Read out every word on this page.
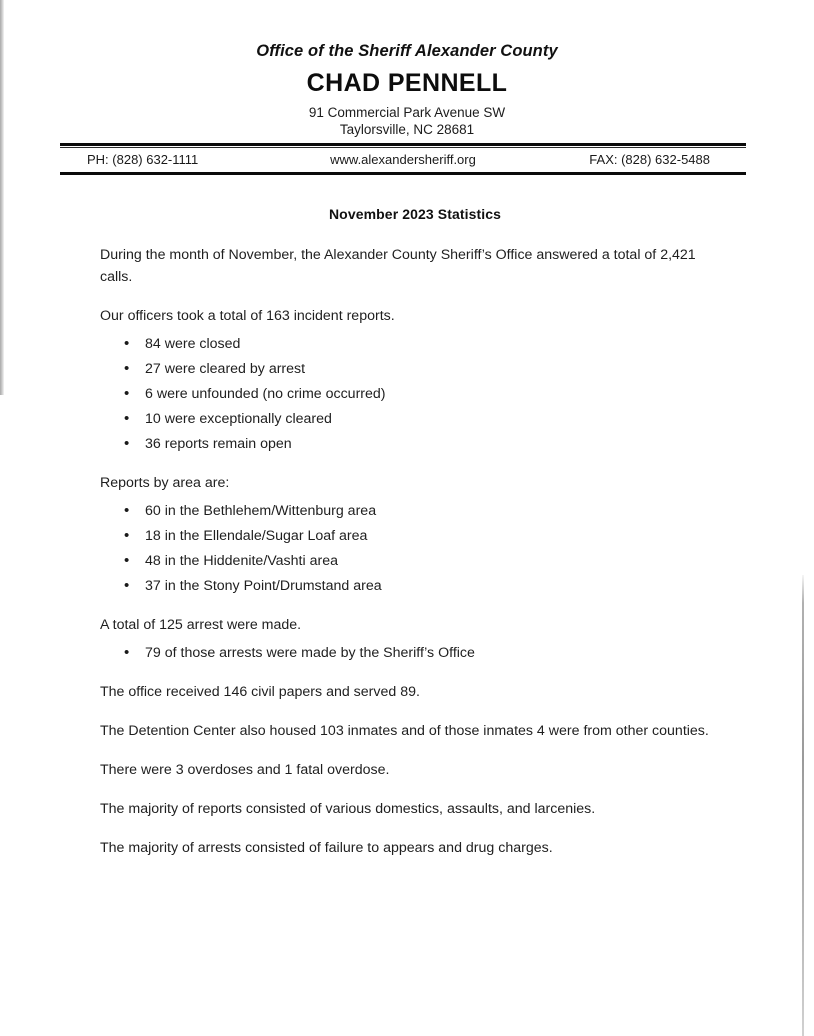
Office of the Sheriff Alexander County
CHAD PENNELL
91 Commercial Park Avenue SW
Taylorsville, NC 28681
PH: (828) 632-1111	www.alexandersheriff.org	FAX: (828) 632-5488
November 2023 Statistics

During the month of November, the Alexander County Sheriff’s Office answered a total of 2,421 calls.

Our officers took a total of 163 incident reports.

• 84 were closed
• 27 were cleared by arrest
• 6 were unfounded (no crime occurred)
• 10 were exceptionally cleared
• 36 reports remain open

Reports by area are:

• 60 in the Bethlehem/Wittenburg area
• 18 in the Ellendale/Sugar Loaf area
• 48 in the Hiddenite/Vashti area
• 37 in the Stony Point/Drumstand area

A total of 125 arrest were made.

• 79 of those arrests were made by the Sheriff’s Office

The office received 146 civil papers and served 89.

The Detention Center also housed 103 inmates and of those inmates 4 were from other counties.

There were 3 overdoses and 1 fatal overdose.

The majority of reports consisted of various domestics, assaults, and larcenies.

The majority of arrests consisted of failure to appears and drug charges.
